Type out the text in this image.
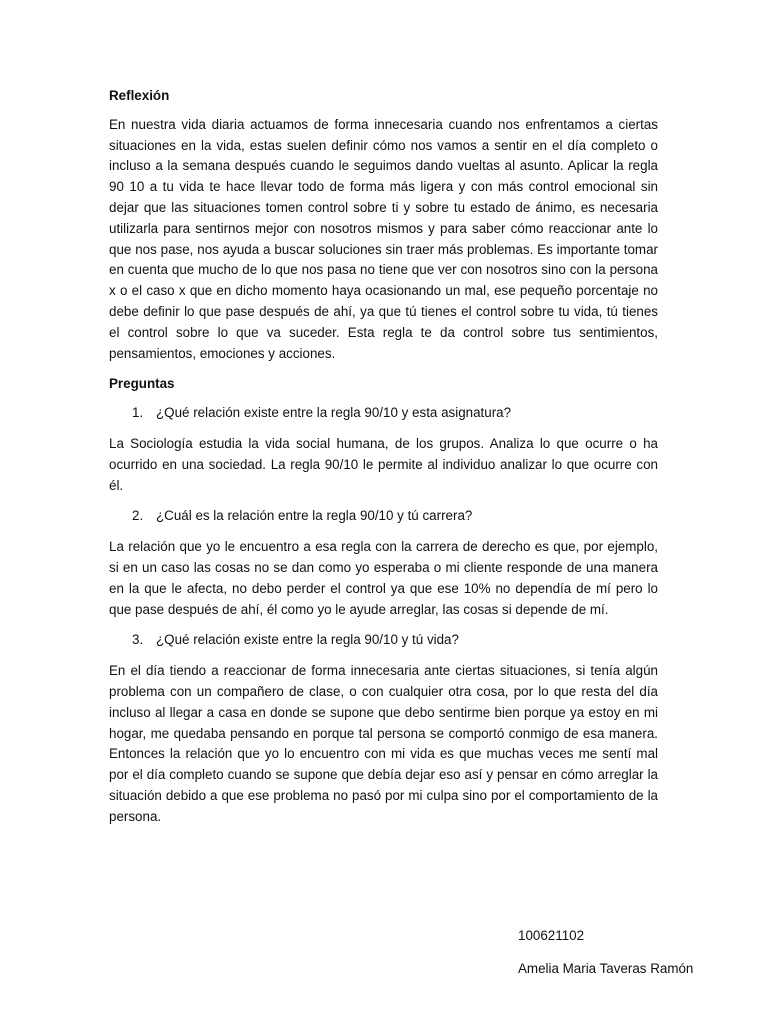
Reflexión

En nuestra vida diaria actuamos de forma innecesaria cuando nos enfrentamos a ciertas situaciones en la vida, estas suelen definir cómo nos vamos a sentir en el día completo o incluso a la semana después cuando le seguimos dando vueltas al asunto. Aplicar la regla 90 10 a tu vida te hace llevar todo de forma más ligera y con más control emocional sin dejar que las situaciones tomen control sobre ti y sobre tu estado de ánimo, es necesaria utilizarla para sentirnos mejor con nosotros mismos y para saber cómo reaccionar ante lo que nos pase, nos ayuda a buscar soluciones sin traer más problemas. Es importante tomar en cuenta que mucho de lo que nos pasa no tiene que ver con nosotros sino con la persona x o el caso x que en dicho momento haya ocasionando un mal, ese pequeño porcentaje no debe definir lo que pase después de ahí, ya que tú tienes el control sobre tu vida, tú tienes el control sobre lo que va suceder. Esta regla te da control sobre tus sentimientos, pensamientos, emociones y acciones.

Preguntas

1. ¿Qué relación existe entre la regla 90/10 y esta asignatura?

La Sociología estudia la vida social humana, de los grupos. Analiza lo que ocurre o ha ocurrido en una sociedad. La regla 90/10 le permite al individuo analizar lo que ocurre con él.

2. ¿Cuál es la relación entre la regla 90/10 y tú carrera?

La relación que yo le encuentro a esa regla con la carrera de derecho es que, por ejemplo, si en un caso las cosas no se dan como yo esperaba o mi cliente responde de una manera en la que le afecta, no debo perder el control ya que ese 10% no dependía de mí pero lo que pase después de ahí, él como yo le ayude arreglar, las cosas si depende de mí.

3. ¿Qué relación existe entre la regla 90/10 y tú vida?

En el día tiendo a reaccionar de forma innecesaria ante ciertas situaciones, si tenía algún problema con un compañero de clase, o con cualquier otra cosa, por lo que resta del día incluso al llegar a casa en donde se supone que debo sentirme bien porque ya estoy en mi hogar, me quedaba pensando en porque tal persona se comportó conmigo de esa manera. Entonces la relación que yo lo encuentro con mi vida es que muchas veces me sentí mal por el día completo cuando se supone que debía dejar eso así y pensar en cómo arreglar la situación debido a que ese problema no pasó por mi culpa sino por el comportamiento de la persona.

100621102
Amelia Maria Taveras Ramón
